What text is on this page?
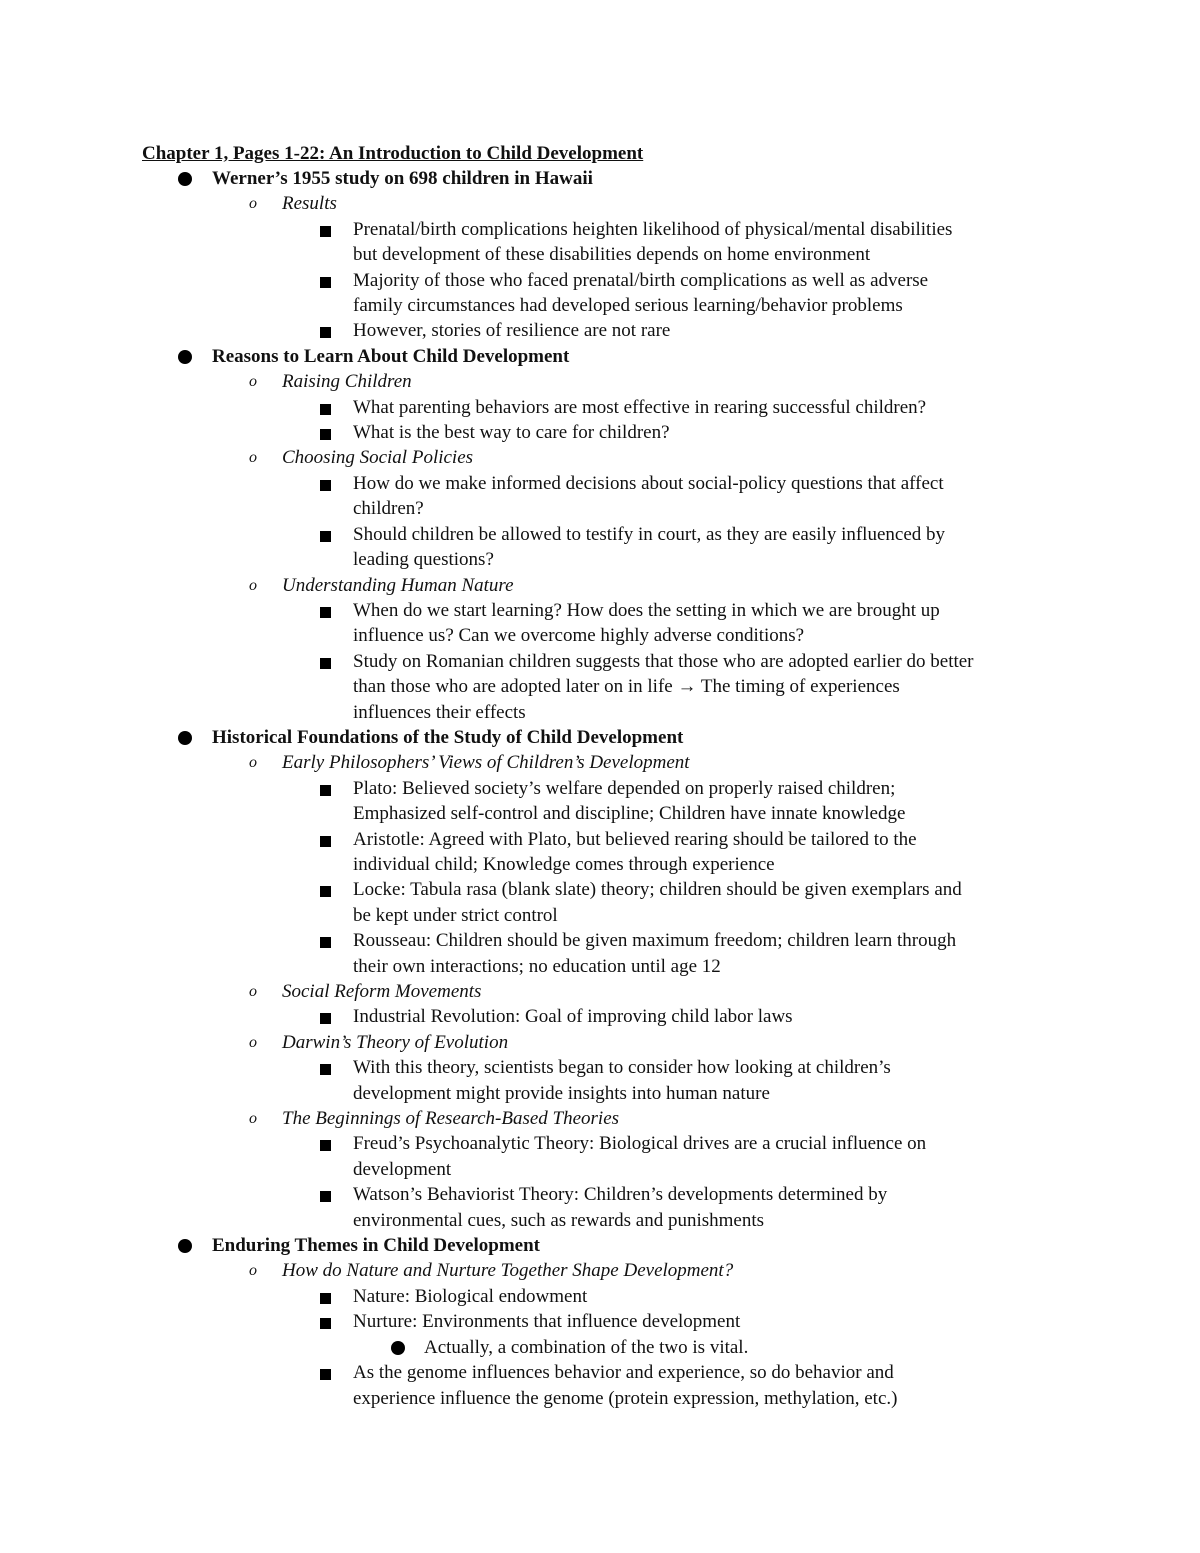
Chapter 1, Pages 1-22: An Introduction to Child Development
Werner’s 1955 study on 698 children in Hawaii
o Results
Prenatal/birth complications heighten likelihood of physical/mental disabilities
but development of these disabilities depends on home environment
Majority of those who faced prenatal/birth complications as well as adverse
family circumstances had developed serious learning/behavior problems
However, stories of resilience are not rare
Reasons to Learn About Child Development
o Raising Children
What parenting behaviors are most effective in rearing successful children?
What is the best way to care for children?
o Choosing Social Policies
How do we make informed decisions about social-policy questions that affect
children?
Should children be allowed to testify in court, as they are easily influenced by
leading questions?
o Understanding Human Nature
When do we start learning? How does the setting in which we are brought up
influence us? Can we overcome highly adverse conditions?
Study on Romanian children suggests that those who are adopted earlier do better
than those who are adopted later on in life → The timing of experiences
influences their effects
Historical Foundations of the Study of Child Development
o Early Philosophers’ Views of Children’s Development
Plato: Believed society’s welfare depended on properly raised children;
Emphasized self-control and discipline; Children have innate knowledge
Aristotle: Agreed with Plato, but believed rearing should be tailored to the
individual child; Knowledge comes through experience
Locke: Tabula rasa (blank slate) theory; children should be given exemplars and
be kept under strict control
Rousseau: Children should be given maximum freedom; children learn through
their own interactions; no education until age 12
o Social Reform Movements
Industrial Revolution: Goal of improving child labor laws
o Darwin’s Theory of Evolution
With this theory, scientists began to consider how looking at children’s
development might provide insights into human nature
o The Beginnings of Research-Based Theories
Freud’s Psychoanalytic Theory: Biological drives are a crucial influence on
development
Watson’s Behaviorist Theory: Children’s developments determined by
environmental cues, such as rewards and punishments
Enduring Themes in Child Development
o How do Nature and Nurture Together Shape Development?
Nature: Biological endowment
Nurture: Environments that influence development
Actually, a combination of the two is vital.
As the genome influences behavior and experience, so do behavior and
experience influence the genome (protein expression, methylation, etc.)
